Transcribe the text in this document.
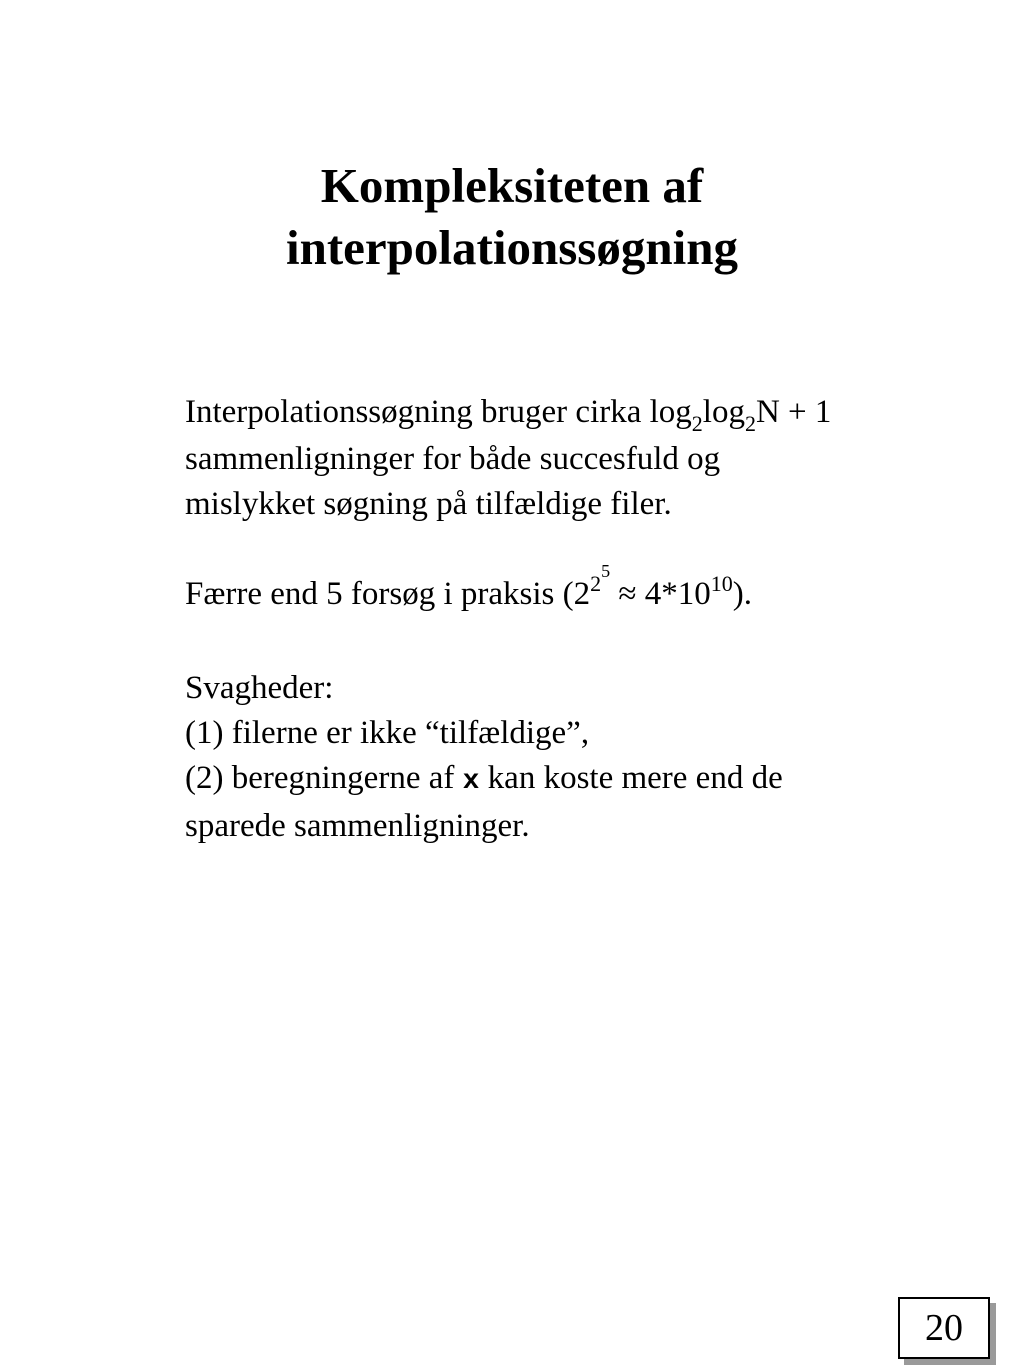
Kompleksiteten af
interpolationssøgning
Interpolationssøgning bruger cirka $\log_2\log_2N + 1$
sammenligninger for både succesfuld og
mislykket søgning på tilfældige filer.
Færre end 5 forsøg i praksis $(2^{25} \approx 4*10^{10})$.
Svagheder:
(1) filerne er ikke “tilfældige”,
(2) beregningerne af x kan koste mere end de
sparede sammenligninger.
20
